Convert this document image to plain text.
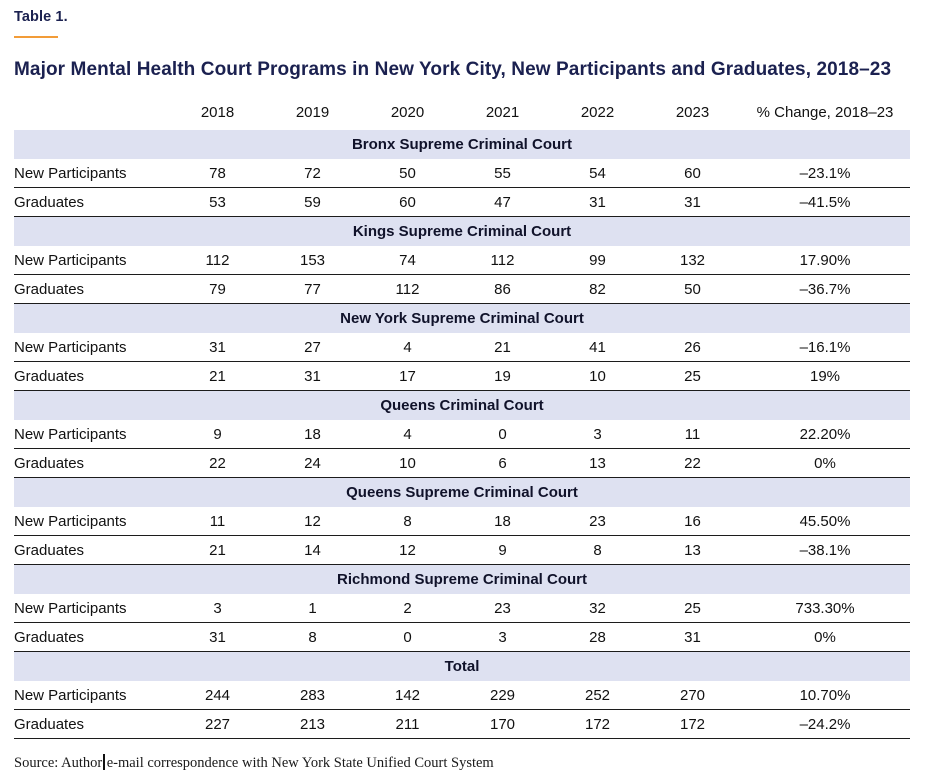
Table 1.
Major Mental Health Court Programs in New York City, New Participants and Graduates, 2018–23
	2018	2019	2020	2021	2022	2023	% Change, 2018–23
Bronx Supreme Criminal Court							
New Participants	78	72	50	55	54	60	–23.1%
Graduates	53	59	60	47	31	31	–41.5%
Kings Supreme Criminal Court							
New Participants	112	153	74	112	99	132	17.90%
Graduates	79	77	112	86	82	50	–36.7%
New York Supreme Criminal Court							
New Participants	31	27	4	21	41	26	–16.1%
Graduates	21	31	17	19	10	25	19%
Queens Criminal Court							
New Participants	9	18	4	0	3	11	22.20%
Graduates	22	24	10	6	13	22	0%
Queens Supreme Criminal Court							
New Participants	11	12	8	18	23	16	45.50%
Graduates	21	14	12	9	8	13	–38.1%
Richmond Supreme Criminal Court							
New Participants	3	1	2	23	32	25	733.30%
Graduates	31	8	0	3	28	31	0%
Total							
New Participants	244	283	142	229	252	270	10.70%
Graduates	227	213	211	170	172	172	–24.2%
Source: Author e-mail correspondence with New York State Unified Court System
